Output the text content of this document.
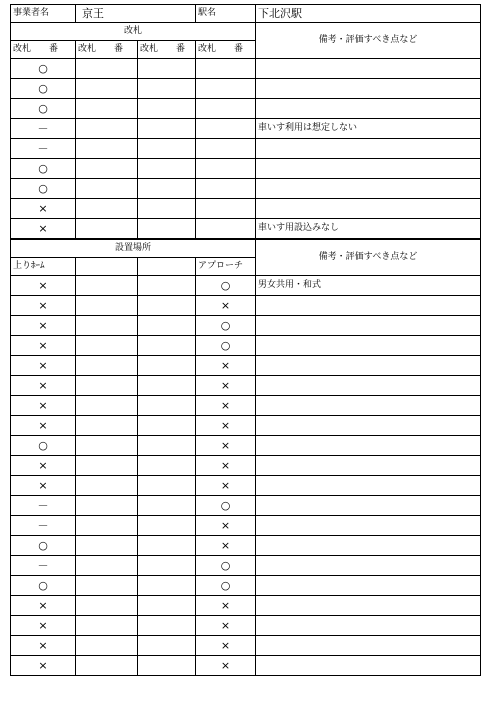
事業者名	京王		駅名	下北沢駅
改札				備考・評価すべき点など
改札　　番	改札　　番	改札　　番	改札　　番	
○				
○				
○				
－				車いす利用は想定しない
－				
○				
○				
×				
×				車いす用設込みなし
設置場所				備考・評価すべき点など
上りﾎｰﾑ			アプローチ	
×			○	男女共用・和式
×			×	
×			○	
×			○	
×			×	
×			×	
×			×	
×			×	
○			×	
×			×	
×			×	
－			○	
－			×	
○			×	
－			○	
○			○	
×			×	
×			×	
×			×	
×			×	
